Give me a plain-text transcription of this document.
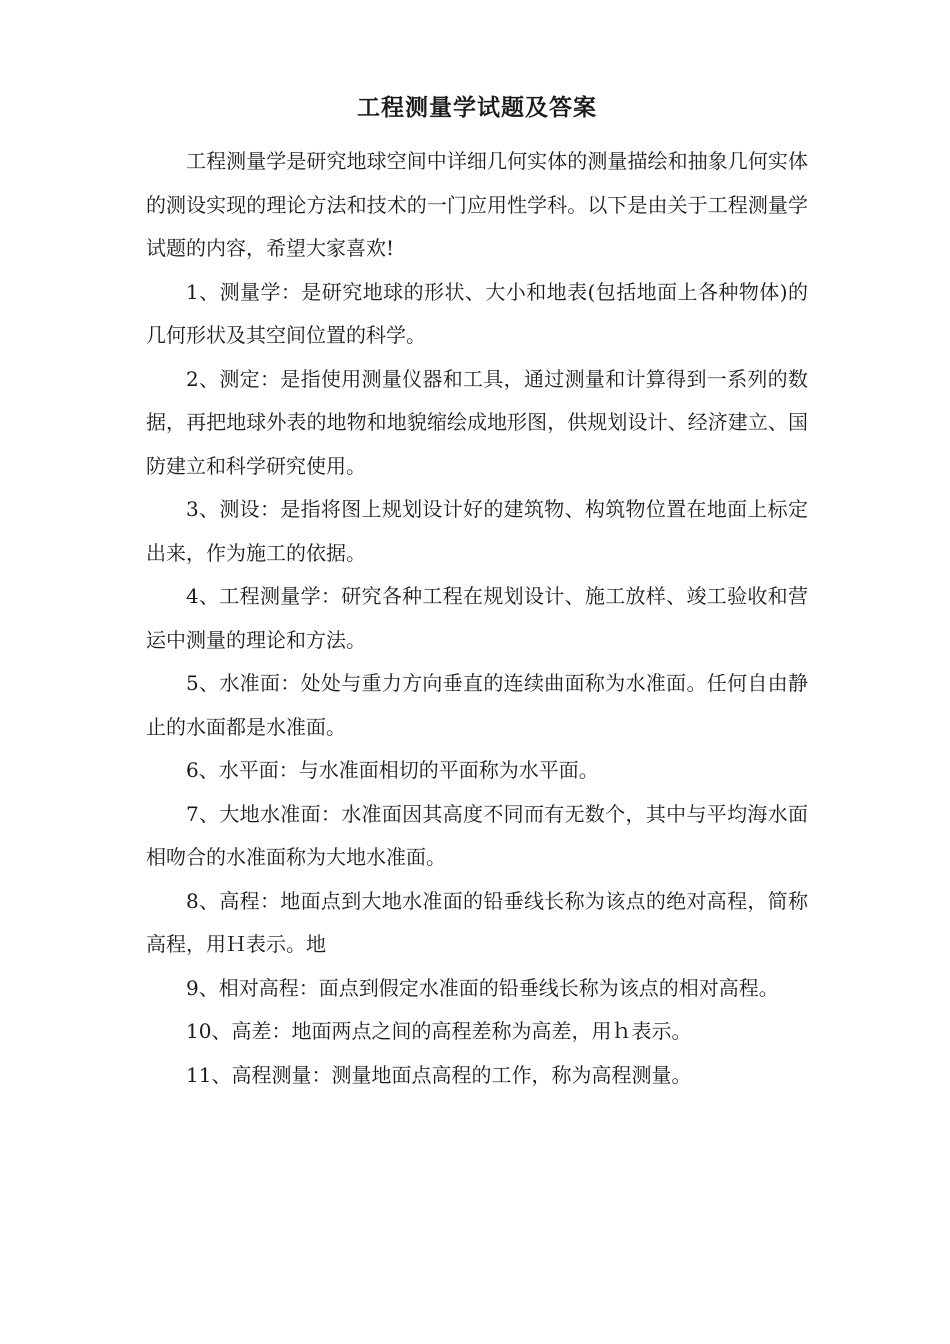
工程测量学试题及答案

工程测量学是研究地球空间中详细几何实体的测量描绘和抽象几何实体的测设实现的理论方法和技术的一门应用性学科。以下是由关于工程测量学试题的内容，希望大家喜欢!

1、测量学：是研究地球的形状、大小和地表(包括地面上各种物体)的几何形状及其空间位置的科学。

2、测定：是指使用测量仪器和工具，通过测量和计算得到一系列的数据，再把地球外表的地物和地貌缩绘成地形图，供规划设计、经济建立、国防建立和科学研究使用。

3、测设：是指将图上规划设计好的建筑物、构筑物位置在地面上标定出来，作为施工的依据。

4、工程测量学：研究各种工程在规划设计、施工放样、竣工验收和营运中测量的理论和方法。

5、水准面：处处与重力方向垂直的连续曲面称为水准面。任何自由静止的水面都是水准面。

6、水平面：与水准面相切的平面称为水平面。

7、大地水准面：水准面因其高度不同而有无数个，其中与平均海水面相吻合的水准面称为大地水准面。

8、高程：地面点到大地水准面的铅垂线长称为该点的绝对高程，简称高程，用Ｈ表示。地

9、相对高程：面点到假定水准面的铅垂线长称为该点的相对高程。

10、高差：地面两点之间的高程差称为高差，用ｈ表示。

11、高程测量：测量地面点高程的工作，称为高程测量。
